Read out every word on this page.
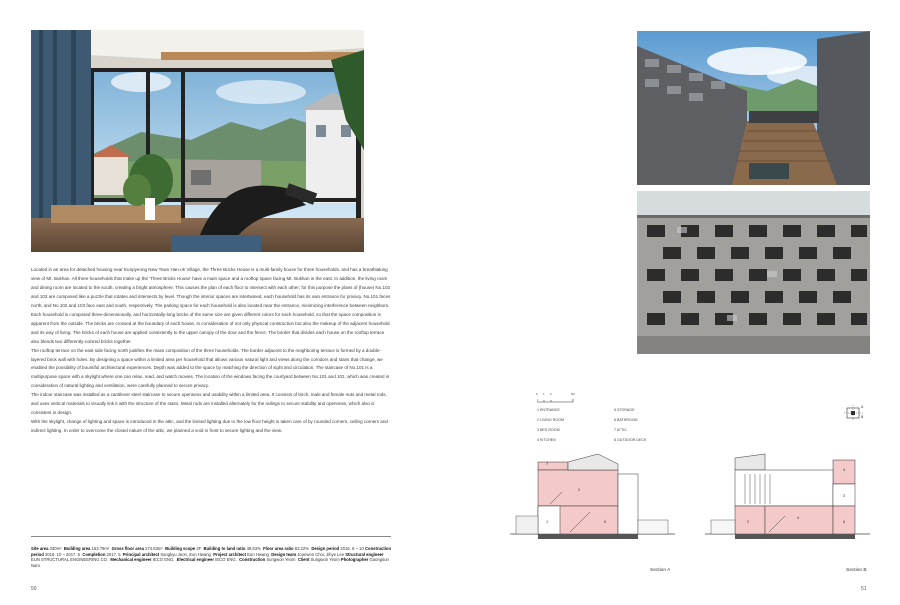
Located in an area for detached housing near Eunpyeong New Town Han-ok Village, the Three Bricks House is a multi-family house for three households, and has a breathtaking view of Mt. Bukhan. All three households that make up the 'Three Bricks House' have a main space and a rooftop space facing Mt. Bukhan in the east. In addition, the living room and dining room are located to the south, creating a bright atmosphere. This causes the plan of each floor to intersect with each other; for this purpose the plans of (house) No.102 and 103 are composed like a puzzle that rotates and intersects by level. Though the interior spaces are intertwined, each household has its own entrance for privacy. No.101 faces north, and No.102 and 103 face east and south, respectively. The parking space for each household is also located near the entrance, minimizing interference between neighbors.

Each household is composed three-dimensionally, and horizontally-long bricks of the same size are given different colors for each household, so that the space composition is apparent from the outside. The bricks are crossed at the boundary of each house, in consideration of not only physical construction but also the makeup of the adjacent household and its way of living. The bricks of each house are applied consistently to the upper canopy of the door and the fence. The border that divides each house on the rooftop terrace also blends two differently-colored bricks together.

The rooftop terrace on the east side facing north justifies the mass composition of the three households. The border adjacent to the neighboring terrace is formed by a double-layered brick wall with holes. By designing a space within a limited area per household that allows various natural light and views along the corridors and stairs that change, we enabled the possibility of bountiful architectural experiences. Depth was added to the space by matching the direction of sight and circulation. The staircase of No.101 is a multipurpose space with a skylight where one can relax, read, and watch movies. The location of the windows facing the courtyard between No.101 and 102, which was created in consideration of natural lighting and ventilation, were carefully planned to secure privacy.

The indoor staircase was installed as a cantilever steel staircase to secure openness and usability within a limited area. It consists of birch, male and female nuts and metal rods, and uses vertical materials to visually link it with the structure of the stairs. Metal rods are installed alternately for the railings to secure stability and openness, which also is consistent in design.

With the skylight, change of lighting and space is introduced in the attic, and the limited lighting due to the low floor height is taken care of by rounded corners, ceiling corners and indirect lighting. In order to overcome the closed nature of the attic, we planned a void in front to secure lighting and the view.

Site area 330m² Building area 163.79m² Gross floor area 274.63m² Building scope 2F Building to land ratio 49.63% Floor area ratio 83.22% Design period 2016. 6 ~ 10 Construction period 2016. 10 ~ 2017. 5 Completion 2017. 5 Principal architect Sangkyu Jeon, Eun Hwang Project architect Eun Hwang Design team Joonwon Choi, Jihye Lee Structural engineer EUN STRUCTURAL ENGINEERING CO. Mechanical engineer IECO ENG. Electrical engineer IECO ENG. Construction Sungwon Yeom Client Sungwon Yeom Photographer Gaongsun Nam
50	51
0 1 2	5m
1 ENTRANCE
2 LIVING ROOM
3 BED ROOM
4 KITCHEN
5 STORAGE
6 BATHROOM
7 ATTIC
8 OUTDOOR DECK
A
B
7
2
1	6
4
2
4
6
3
Section A	Section B
